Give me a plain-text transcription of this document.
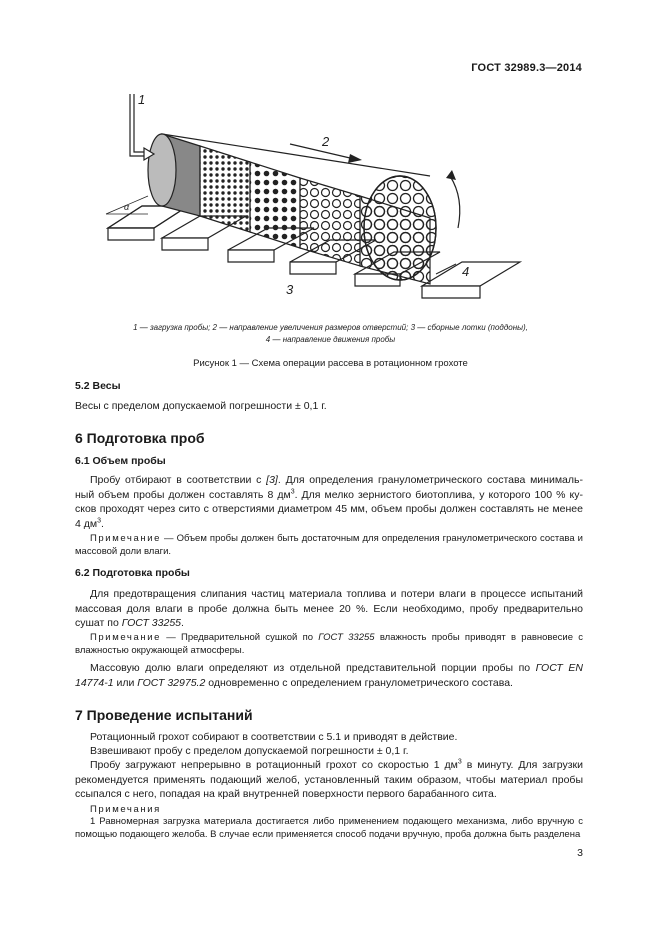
ГОСТ 32989.3—2014
1
2
α
3
4
1 — загрузка пробы; 2 — направление увеличения размеров отверстий; 3 — сборные лотки (поддоны),
4 — направление движения пробы
Рисунок 1 — Схема операции рассева в ротационном грохоте
5.2 Весы
Весы с пределом допускаемой погрешности ± 0,1 г.
6 Подготовка проб
6.1 Объем пробы
Пробу отбирают в соответствии с [3]. Для определения гранулометрического состава минималь-ный объем пробы должен составлять 8 $дм^3$. Для мелко зернистого биотоплива, у которого 100 % ку-сков проходят через сито с отверстиями диаметром 45 мм, объем пробы должен составлять не менее 4 $дм^3$.
Примечание — Объем пробы должен быть достаточным для определения гранулометрического состава и массовой доли влаги.
6.2 Подготовка пробы
Для предотвращения слипания частиц материала топлива и потери влаги в процессе испытаний массовая доля влаги в пробе должна быть менее 20 %. Если необходимо, пробу предварительно сушат по ГОСТ 33255.
Примечание — Предварительной сушкой по ГОСТ 33255 влажность пробы приводят в равновесие с влажностью окружающей атмосферы.
Массовую долю влаги определяют из отдельной представительной порции пробы по ГОСТ EN 14774-1 или ГОСТ 32975.2 одновременно с определением гранулометрического состава.
7 Проведение испытаний
Ротационный грохот собирают в соответствии с 5.1 и приводят в действие.
Взвешивают пробу с пределом допускаемой погрешности ± 0,1 г.
Пробу загружают непрерывно в ротационный грохот со скоростью 1 $дм^3$ в минуту. Для загрузки рекомендуется применять подающий желоб, установленный таким образом, чтобы материал пробы ссыпался с него, попадая на край внутренней поверхности первого барабанного сита.
Примечания
1 Равномерная загрузка материала достигается либо применением подающего механизма, либо вручную с помощью подающего желоба. В случае если применяется способ подачи вручную, проба должна быть разделена
3
